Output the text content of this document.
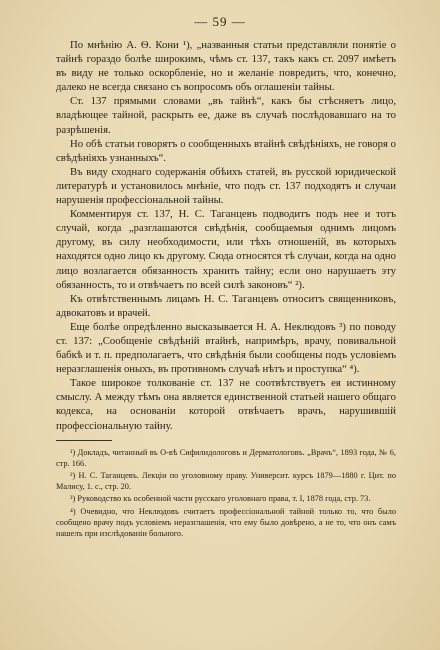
— 59 —

По мнѣнію А. Ѳ. Кони ¹), „названныя статьи представляли понятіе о тайнѣ гораздо болѣе широкимъ, чѣмъ ст. 137, такъ какъ ст. 2097 имѣетъ въ виду не только оскорбленіе, но и желаніе повредить, что, конечно, далеко не всегда связано съ вопросомъ объ оглашеніи тайны.

Ст. 137 прямыми словами „въ тайнѣ“, какъ бы стѣсняетъ лицо, владѣющее тайной, раскрыть ее, даже въ случаѣ послѣдовавшаго на то разрѣшенія.

Но обѣ статьи говорятъ о сообщенныхъ втайнѣ свѣдѣніяхъ, не говоря о свѣдѣніяхъ узнанныхъ“.

Въ виду сходнаго содержанія обѣихъ статей, въ русской юридической литературѣ и установилось мнѣніе, что подъ ст. 137 подходятъ и случаи нарушенія профессіональной тайны.

Комментируя ст. 137, Н. С. Таганцевъ подводитъ подъ нее и тотъ случай, когда „разглашаются свѣдѣнія, сообщаемыя однимъ лицомъ другому, въ силу необходимости, или тѣхъ отношеній, въ которыхъ находятся одно лицо къ другому. Сюда относятся тѣ случаи, когда на одно лицо возлагается обязанность хранить тайну; если оно нарушаетъ эту обязанность, то и отвѣчаетъ по всей силѣ законовъ“ ²).

Къ отвѣтственнымъ лицамъ Н. С. Таганцевъ относитъ священниковъ, адвокатовъ и врачей.

Еще болѣе опредѣленно высказывается Н. А. Неклюдовъ ³) по поводу ст. 137: „Сообщеніе свѣдѣній втайнѣ, напримѣръ, врачу, повивальной бабкѣ и т. п. предполагаетъ, что свѣдѣнія были сообщены подъ условіемъ неразглашенія оныхъ, въ противномъ случаѣ нѣтъ и проступка“ ⁴).

Такое широкое толкованіе ст. 137 не соотвѣтствуетъ ея истинному смыслу. А между тѣмъ она является единственной статьей нашего общаго кодекса, на основаніи которой отвѣчаетъ врачъ, нарушившій профессіональную тайну.

¹) Докладъ, читанный въ О-вѣ Сифилидологовъ и Дерматологовъ. „Врачъ“, 1893 года, № 6, стр. 166.

²) Н. С. Таганцевъ. Лекціи по уголовному праву. Университ. курсъ 1879—1880 г. Цит. по Малису, 1. с., стр. 20.

³) Руководство къ особенной части русскаго уголовнаго права, т. I, 1878 года, стр. 73.

⁴) Очевидно, что Неклюдовъ считаетъ профессіональной тайной только то, что было сообщено врачу подъ условіемъ неразглашенія, что ему было довѣрено, а не то, что онъ самъ нашелъ при изслѣдованіи больного.
